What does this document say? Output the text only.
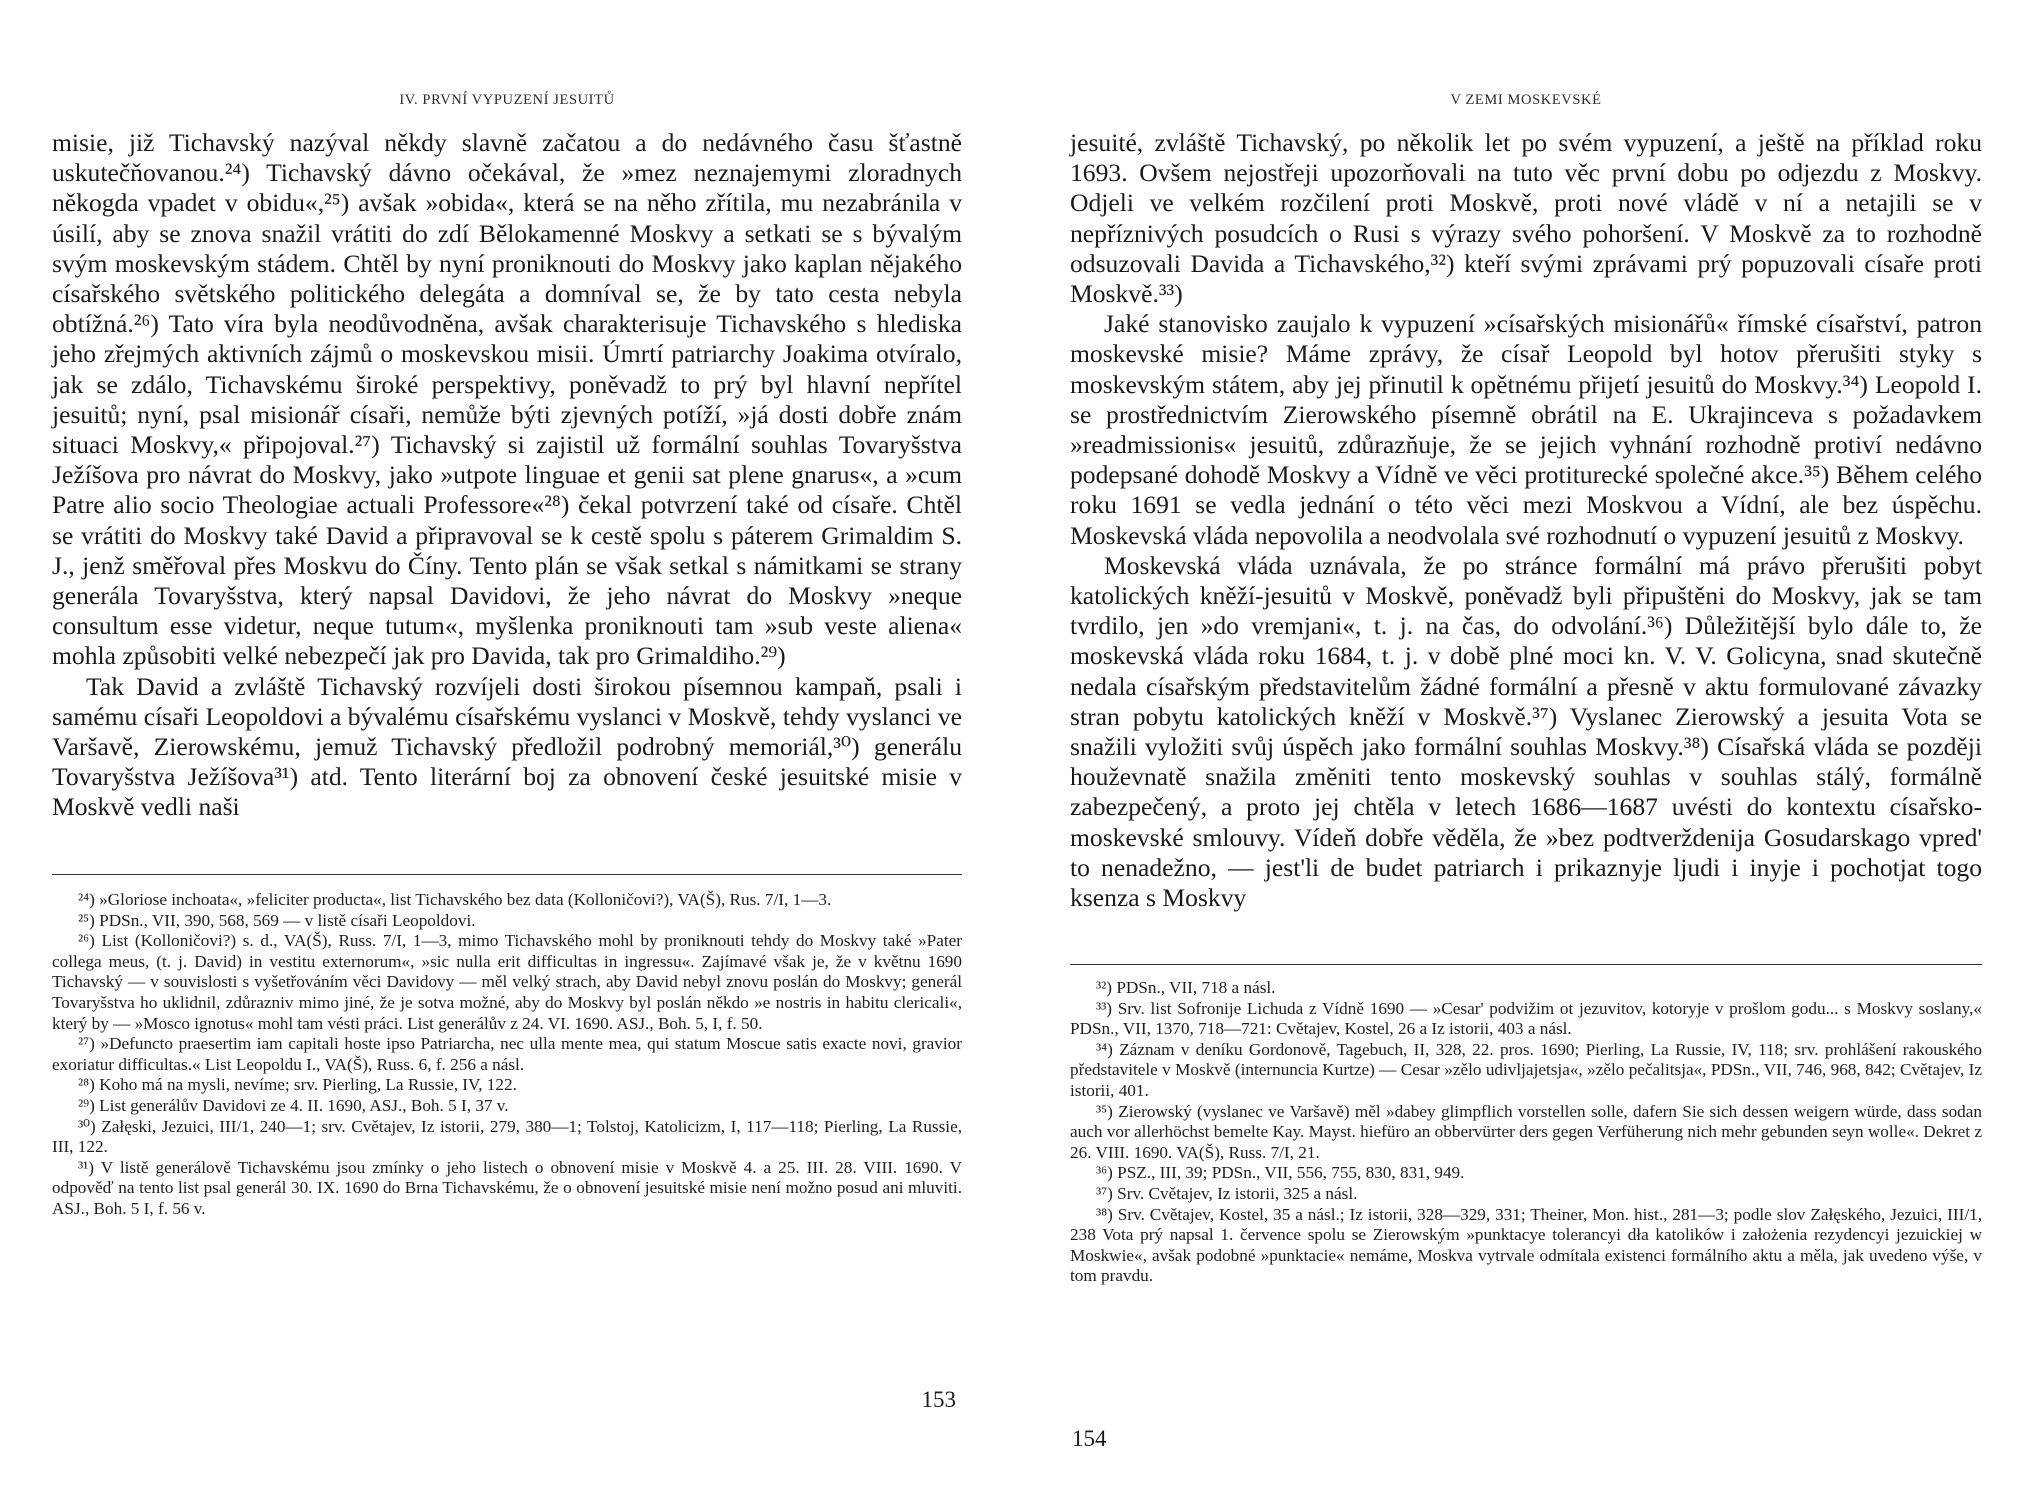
IV. PRVNÍ VYPUZENÍ JESUITŮ

misie, již Tichavský nazýval někdy slavně začatou a do nedávného času šťastně uskutečňovanou.²⁴) Tichavský dávno očekával, že »mez neznajemymi zloradnych někogda vpadet v obidu«,²⁵) avšak »obida«, která se na něho zřítila, mu nezabránila v úsilí, aby se znova snažil vrátiti do zdí Bělokamenné Moskvy a setkati se s bývalým svým moskevským stádem. Chtěl by nyní proniknouti do Moskvy jako kaplan nějakého císařského světského politického delegáta a domníval se, že by tato cesta nebyla obtížná.²⁶) Tato víra byla neodůvodněna, avšak charakterisuje Tichavského s hlediska jeho zřejmých aktivních zájmů o moskevskou misii. Úmrtí patriarchy Joakima otvíralo, jak se zdálo, Tichavskému široké perspektivy, poněvadž to prý byl hlavní nepřítel jesuitů; nyní, psal misionář císaři, nemůže býti zjevných potíží, »já dosti dobře znám situaci Moskvy,« připojoval.²⁷) Tichavský si zajistil už formální souhlas Tovaryšstva Ježíšova pro návrat do Moskvy, jako »utpote linguae et genii sat plene gnarus«, a »cum Patre alio socio Theologiae actuali Professore«²⁸) čekal potvrzení také od císaře. Chtěl se vrátiti do Moskvy také David a připravoval se k cestě spolu s páterem Grimaldim S. J., jenž směřoval přes Moskvu do Číny. Tento plán se však setkal s námitkami se strany generála Tovaryšstva, který napsal Davidovi, že jeho návrat do Moskvy »neque consultum esse videtur, neque tutum«, myšlenka proniknouti tam »sub veste aliena« mohla způsobiti velké nebezpečí jak pro Davida, tak pro Grimaldiho.²⁹)

Tak David a zvláště Tichavský rozvíjeli dosti širokou písemnou kampaň, psali i samému císaři Leopoldovi a bývalému císařskému vyslanci v Moskvě, tehdy vyslanci ve Varšavě, Zierowskému, jemuž Tichavský předložil podrobný memoriál,³⁰) generálu Tovaryšstva Ježíšova³¹) atd. Tento literární boj za obnovení české jesuitské misie v Moskvě vedli naši

²⁴) »Gloriose inchoata«, »feliciter producta«, list Tichavského bez data (Kolloničovi?), VA(Š), Rus. 7/I, 1—3.

²⁵) PDSn., VII, 390, 568, 569 — v listě císaři Leopoldovi.

²⁶) List (Kolloničovi?) s. d., VA(Š), Russ. 7/I, 1—3, mimo Tichavského mohl by proniknouti tehdy do Moskvy také »Pater collega meus, (t. j. David) in vestitu externorum«, »sic nulla erit difficultas in ingressu«. Zajímavé však je, že v květnu 1690 Tichavský — v souvislosti s vyšetřováním věci Davidovy — měl velký strach, aby David nebyl znovu poslán do Moskvy; generál Tovaryšstva ho uklidnil, zdůrazniv mimo jiné, že je sotva možné, aby do Moskvy byl poslán někdo »e nostris in habitu clericali«, který by — »Mosco ignotus« mohl tam vésti práci. List generálův z 24. VI. 1690. ASJ., Boh. 5, I, f. 50.

²⁷) »Defuncto praesertim iam capitali hoste ipso Patriarcha, nec ulla mente mea, qui statum Moscue satis exacte novi, gravior exoriatur difficultas.« List Leopoldu I., VA(Š), Russ. 6, f. 256 a násl.

²⁸) Koho má na mysli, nevíme; srv. Pierling, La Russie, IV, 122.

²⁹) List generálův Davidovi ze 4. II. 1690, ASJ., Boh. 5 I, 37 v.

³⁰) Załęski, Jezuici, III/1, 240—1; srv. Cvětajev, Iz istorii, 279, 380—1; Tolstoj, Katolicizm, I, 117—118; Pierling, La Russie, III, 122.

³¹) V listě generálově Tichavskému jsou zmínky o jeho listech o obnovení misie v Moskvě 4. a 25. III. 28. VIII. 1690. V odpověď na tento list psal generál 30. IX. 1690 do Brna Tichavskému, že o obnovení jesuitské misie není možno posud ani mluviti. ASJ., Boh. 5 I, f. 56 v.

153
V ZEMI MOSKEVSKÉ

jesuité, zvláště Tichavský, po několik let po svém vypuzení, a ještě na příklad roku 1693. Ovšem nejostřeji upozorňovali na tuto věc první dobu po odjezdu z Moskvy. Odjeli ve velkém rozčilení proti Moskvě, proti nové vládě v ní a netajili se v nepříznivých posudcích o Rusi s výrazy svého pohoršení. V Moskvě za to rozhodně odsuzovali Davida a Tichavského,³²) kteří svými zprávami prý popuzovali císaře proti Moskvě.³³)

Jaké stanovisko zaujalo k vypuzení »císařských misionářů« římské císařství, patron moskevské misie? Máme zprávy, že císař Leopold byl hotov přerušiti styky s moskevským státem, aby jej přinutil k opětnému přijetí jesuitů do Moskvy.³⁴) Leopold I. se prostřednictvím Zierowského písemně obrátil na E. Ukrajinceva s požadavkem »readmissionis« jesuitů, zdůrazňuje, že se jejich vyhnání rozhodně protiví nedávno podepsané dohodě Moskvy a Vídně ve věci protiturecké společné akce.³⁵) Během celého roku 1691 se vedla jednání o této věci mezi Moskvou a Vídní, ale bez úspěchu. Moskevská vláda nepovolila a neodvolala své rozhodnutí o vypuzení jesuitů z Moskvy.

Moskevská vláda uznávala, že po stránce formální má právo přerušiti pobyt katolických kněží-jesuitů v Moskvě, poněvadž byli připuštěni do Moskvy, jak se tam tvrdilo, jen »do vremjani«, t. j. na čas, do odvolání.³⁶) Důležitější bylo dále to, že moskevská vláda roku 1684, t. j. v době plné moci kn. V. V. Golicyna, snad skutečně nedala císařským představitelům žádné formální a přesně v aktu formulované závazky stran pobytu katolických kněží v Moskvě.³⁷) Vyslanec Zierowský a jesuita Vota se snažili vyložiti svůj úspěch jako formální souhlas Moskvy.³⁸) Císařská vláda se později houževnatě snažila změniti tento moskevský souhlas v souhlas stálý, formálně zabezpečený, a proto jej chtěla v letech 1686—1687 uvésti do kontextu císařsko-moskevské smlouvy. Vídeň dobře věděla, že »bez podtverždenija Gosudarskago vpred' to nenadežno, — jest'li de budet patriarch i prikaznyje ljudi i inyje i pochotjat togo ksenza s Moskvy

³²) PDSn., VII, 718 a násl.

³³) Srv. list Sofronije Lichuda z Vídně 1690 — »Cesar' podvižim ot jezuvitov, kotoryje v prošlom godu... s Moskvy soslany,« PDSn., VII, 1370, 718—721: Cvětajev, Kostel, 26 a Iz istorii, 403 a násl.

³⁴) Záznam v deníku Gordonově, Tagebuch, II, 328, 22. pros. 1690; Pierling, La Russie, IV, 118; srv. prohlášení rakouského představitele v Moskvě (internuncia Kurtze) — Cesar »zělo udivljajetsja«, »zělo pečalitsja«, PDSn., VII, 746, 968, 842; Cvětajev, Iz istorii, 401.

³⁵) Zierowský (vyslanec ve Varšavě) měl »dabey glimpflich vorstellen solle, dafern Sie sich dessen weigern würde, dass sodan auch vor allerhöchst bemelte Kay. Mayst. hiefüro an obbervürter ders gegen Verfüherung nich mehr gebunden seyn wolle«. Dekret z 26. VIII. 1690. VA(Š), Russ. 7/I, 21.

³⁶) PSZ., III, 39; PDSn., VII, 556, 755, 830, 831, 949.

³⁷) Srv. Cvětajev, Iz istorii, 325 a násl.

³⁸) Srv. Cvětajev, Kostel, 35 a násl.; Iz istorii, 328—329, 331; Theiner, Mon. hist., 281—3; podle slov Załęského, Jezuici, III/1, 238 Vota prý napsal 1. července spolu se Zierowským »punktacye tolerancyi dła katolików i założenia rezydencyi jezuickiej w Moskwie«, avšak podobné »punktacie« nemáme, Moskva vytrvale odmítala existenci formálního aktu a měla, jak uvedeno výše, v tom pravdu.

154
